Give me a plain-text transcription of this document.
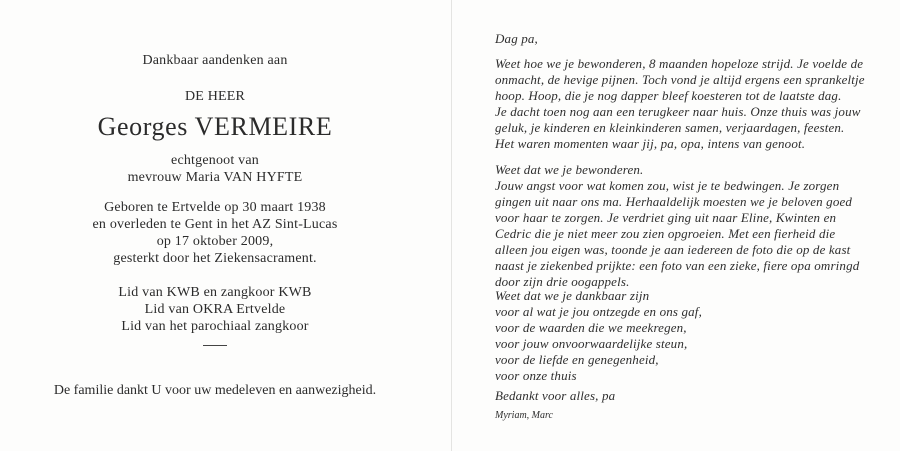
Dankbaar aandenken aan
DE HEER
Georges VERMEIRE
echtgenoot van
mevrouw Maria VAN HYFTE
Geboren te Ertvelde op 30 maart 1938
en overleden te Gent in het AZ Sint-Lucas
op 17 oktober 2009,
gesterkt door het Ziekensacrament.
Lid van KWB en zangkoor KWB
Lid van OKRA Ertvelde
Lid van het parochiaal zangkoor
De familie dankt U voor uw medeleven en aanwezigheid.
Dag pa,
Weet hoe we je bewonderen, 8 maanden hopeloze strijd. Je voelde de
onmacht, de hevige pijnen. Toch vond je altijd ergens een sprankeltje
hoop. Hoop, die je nog dapper bleef koesteren tot de laatste dag.
Je dacht toen nog aan een terugkeer naar huis. Onze thuis was jouw
geluk, je kinderen en kleinkinderen samen, verjaardagen, feesten.
Het waren momenten waar jij, pa, opa, intens van genoot.
Weet dat we je bewonderen.
Jouw angst voor wat komen zou, wist je te bedwingen. Je zorgen
gingen uit naar ons ma. Herhaaldelijk moesten we je beloven goed
voor haar te zorgen. Je verdriet ging uit naar Eline, Kwinten en
Cedric die je niet meer zou zien opgroeien. Met een fierheid die
alleen jou eigen was, toonde je aan iedereen de foto die op de kast
naast je ziekenbed prijkte: een foto van een zieke, fiere opa omringd
door zijn drie oogappels.
Weet dat we je dankbaar zijn
voor al wat je jou ontzegde en ons gaf,
voor de waarden die we meekregen,
voor jouw onvoorwaardelijke steun,
voor de liefde en genegenheid,
voor onze thuis
Bedankt voor alles, pa
Myriam, Marc
